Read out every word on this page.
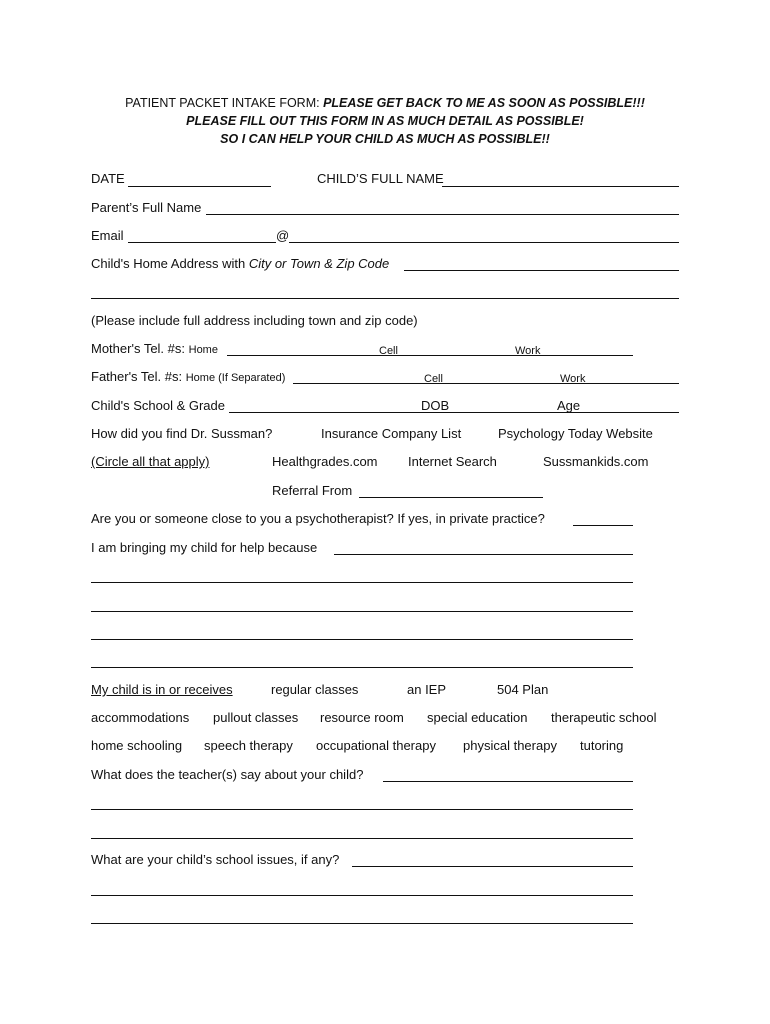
PATIENT PACKET INTAKE FORM: PLEASE GET BACK TO ME AS SOON AS POSSIBLE!!!
PLEASE FILL OUT THIS FORM IN AS MUCH DETAIL AS POSSIBLE!
SO I CAN HELP YOUR CHILD AS MUCH AS POSSIBLE!!
DATE	CHILD’S FULL NAME
Parent’s Full Name
Email	@
Child's Home Address with City or Town & Zip Code
(Please include full address including town and zip code)
Mother's Tel. #s: Home	Cell	Work
Father's Tel. #s: Home (If Separated)	Cell	Work
Child's School & Grade	DOB	Age
How did you find Dr. Sussman?	Insurance Company List	Psychology Today Website
(Circle all that apply)	Healthgrades.com Internet Search	Sussmankids.com
Referral From
Are you or someone close to you a psychotherapist? If yes, in private practice?
I am bringing my child for help because
My child is in or receives	regular classes	an IEP	504 Plan
accommodations pullout classes resource room special education therapeutic school
home schooling speech therapy occupational therapy physical therapy tutoring
What does the teacher(s) say about your child?
What are your child’s school issues, if any?
